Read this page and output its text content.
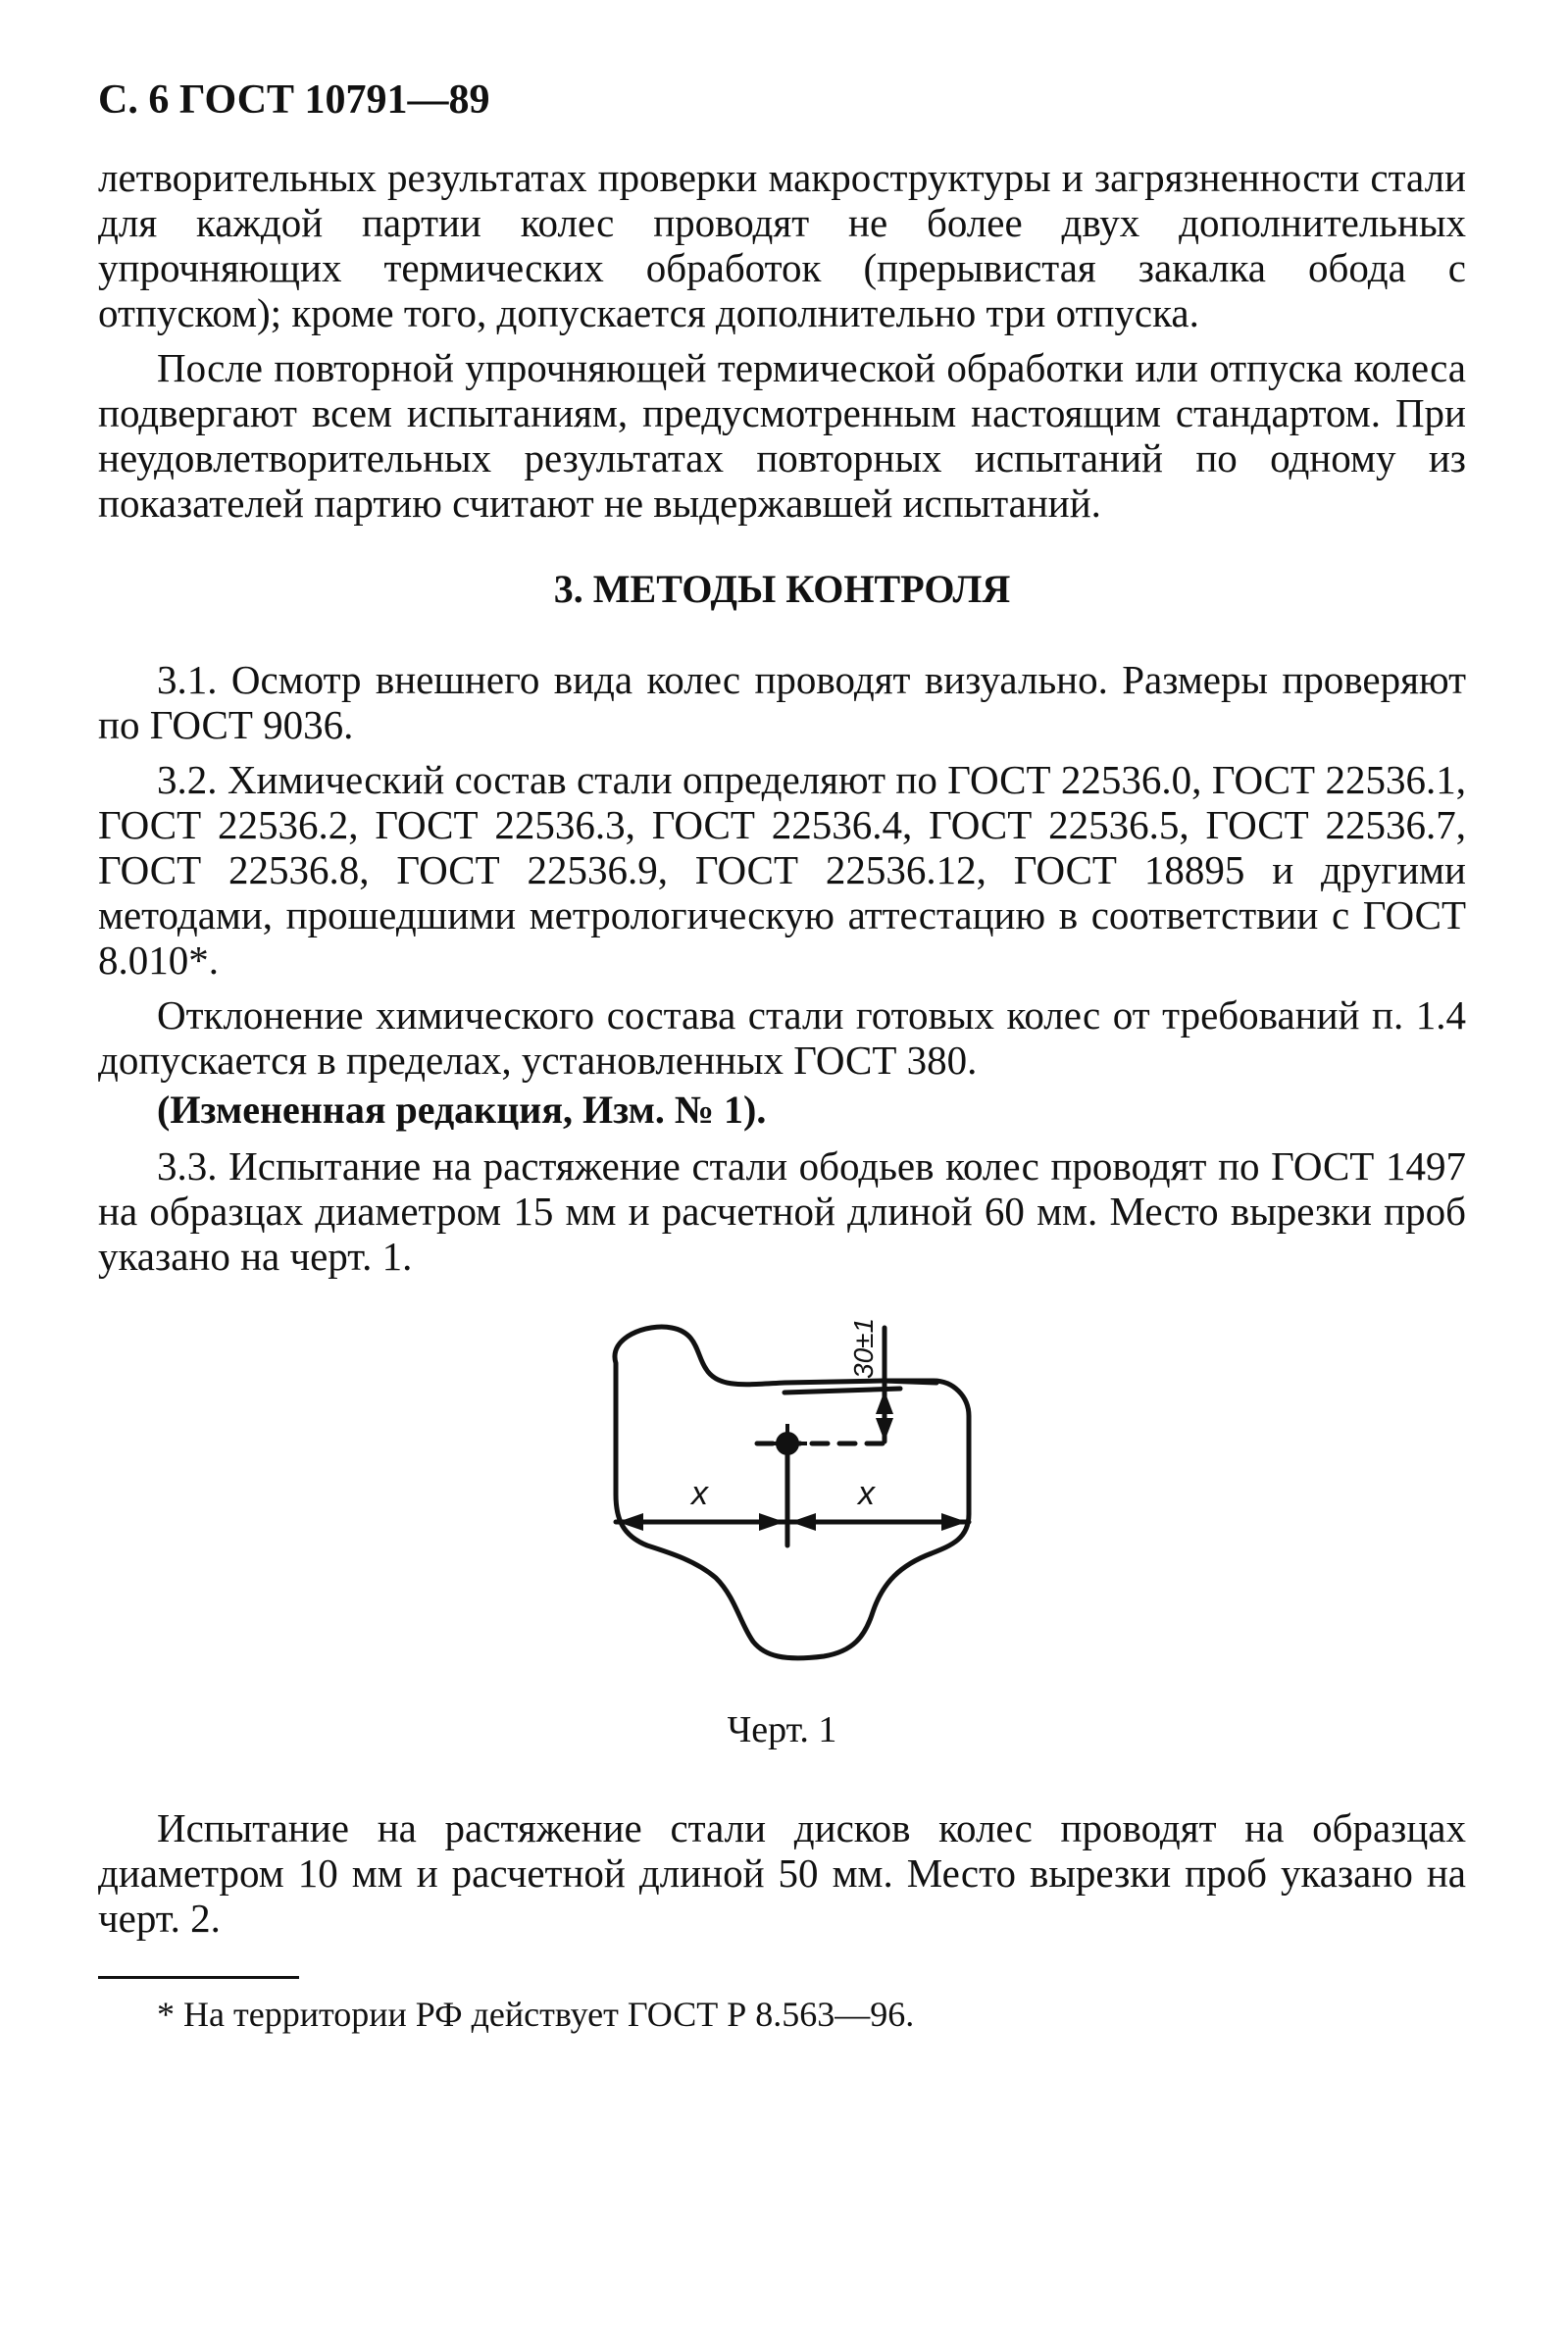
С. 6 ГОСТ 10791—89

летворительных результатах проверки макроструктуры и загрязненности стали для каждой партии колес проводят не более двух дополнительных упрочняющих термических обработок (прерывистая закалка обода с отпуском); кроме того, допускается дополнительно три отпуска.

После повторной упрочняющей термической обработки или отпуска колеса подвергают всем испытаниям, предусмотренным настоящим стандартом. При неудовлетворительных результатах повторных испытаний по одному из показателей партию считают не выдержавшей испытаний.

3. МЕТОДЫ КОНТРОЛЯ

3.1. Осмотр внешнего вида колес проводят визуально. Размеры проверяют по ГОСТ 9036.

3.2. Химический состав стали определяют по ГОСТ 22536.0, ГОСТ 22536.1, ГОСТ 22536.2, ГОСТ 22536.3, ГОСТ 22536.4, ГОСТ 22536.5, ГОСТ 22536.7, ГОСТ 22536.8, ГОСТ 22536.9, ГОСТ 22536.12, ГОСТ 18895 и другими методами, прошедшими метрологическую аттестацию в соответствии с ГОСТ 8.010*.

Отклонение химического состава стали готовых колес от требований п. 1.4 допускается в пределах, установленных ГОСТ 380.

(Измененная редакция, Изм. № 1).

3.3. Испытание на растяжение стали ободьев колес проводят по ГОСТ 1497 на образцах диаметром 15 мм и расчетной длиной 60 мм. Место вырезки проб указано на черт. 1.

30±1
x	x
Черт. 1

Испытание на растяжение стали дисков колес проводят на образцах диаметром 10 мм и расчетной длиной 50 мм. Место вырезки проб указано на черт. 2.

* На территории РФ действует ГОСТ Р 8.563—96.
